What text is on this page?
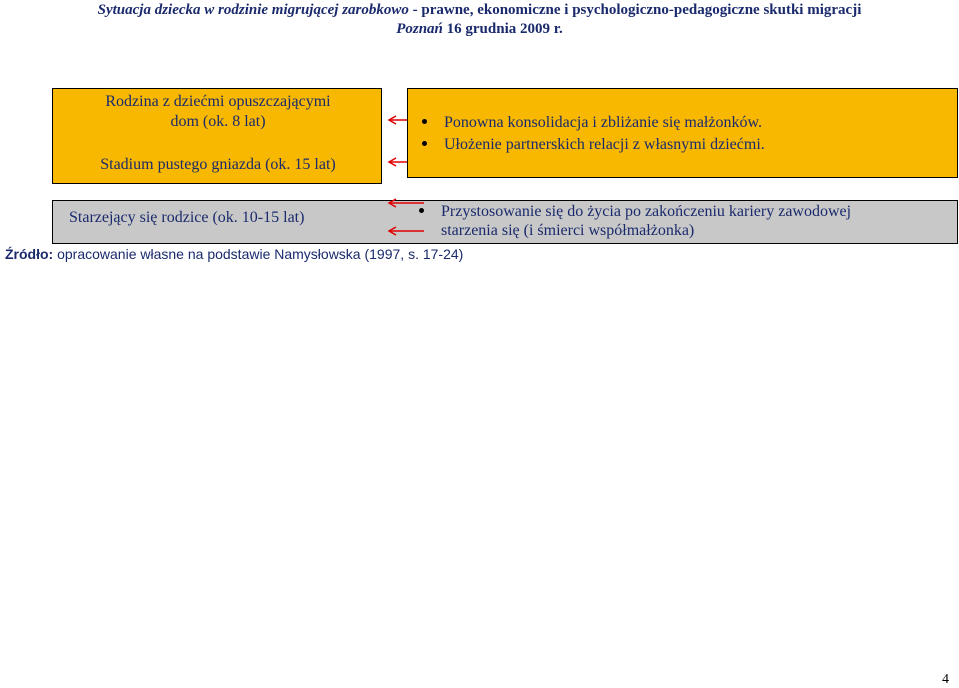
Sytuacja dziecka w rodzinie migrującej zarobkowo - prawne, ekonomiczne i psychologiczno-pedagogiczne skutki migracji
Poznań 16 grudnia 2009 r.
Rodzina z dziećmi opuszczającymi
dom (ok. 8 lat)
Stadium pustego gniazda (ok. 15 lat)
Ponowna konsolidacja i zbliżanie się małżonków.
Ułożenie partnerskich relacji z własnymi dziećmi.
Starzejący się rodzice (ok. 10-15 lat)	Przystosowanie się do życia po zakończeniu kariery zawodowej
starzenia się (i śmierci współmałżonka)
Źródło: opracowanie własne na podstawie Namysłowska (1997, s. 17-24)
4
